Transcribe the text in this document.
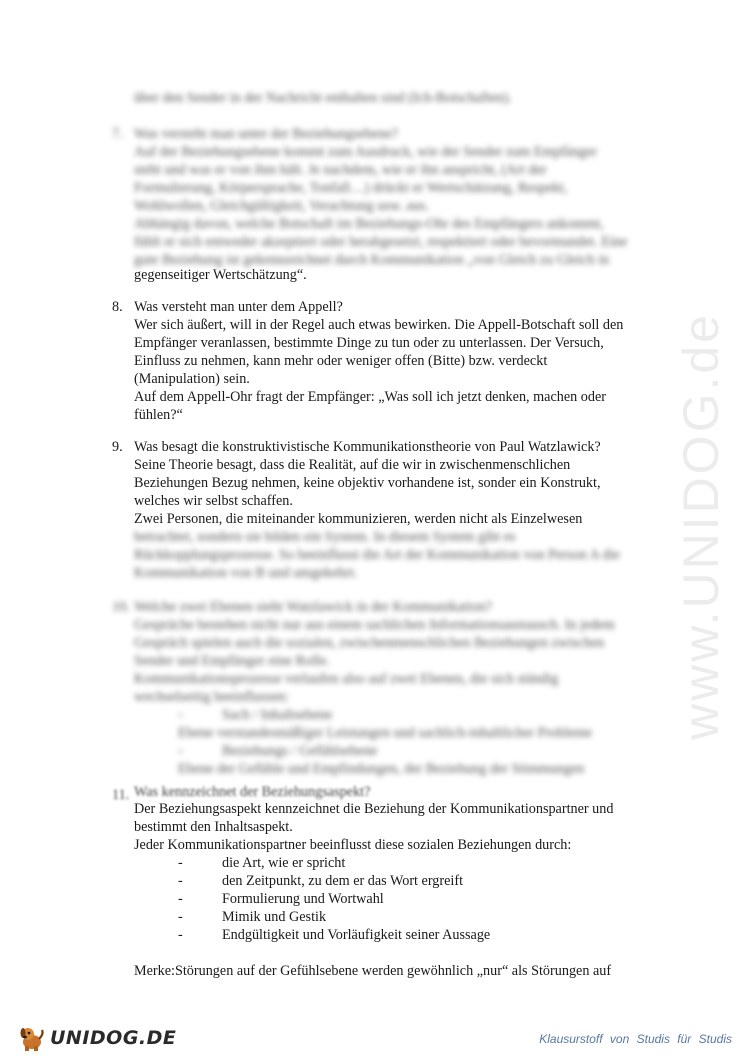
www.UNIDOG.de
über den Sender in der Nachricht enthalten sind (Ich-Botschaften).
7. Was versteht man unter der Beziehungsebene?
Auf der Beziehungsebene kommt zum Ausdruck, wie der Sender zum Empfänger
steht und was er von ihm hält. Je nachdem, wie er ihn anspricht, (Art der
Formulierung, Körpersprache, Tonfall…) drückt er Wertschätzung, Respekt,
Wohlwollen, Gleichgültigkeit, Verachtung usw. aus.
Abhängig davon, welche Botschaft im Beziehungs-Ohr des Empfängers ankommt,
fühlt er sich entweder akzeptiert oder herabgesetzt, respektiert oder bevormundet. Eine
gute Beziehung ist gekennzeichnet durch Kommunikation „von Gleich zu Gleich in
gegenseitiger Wertschätzung“.
8. Was versteht man unter dem Appell?
Wer sich äußert, will in der Regel auch etwas bewirken. Die Appell-Botschaft soll den
Empfänger veranlassen, bestimmte Dinge zu tun oder zu unterlassen. Der Versuch,
Einfluss zu nehmen, kann mehr oder weniger offen (Bitte) bzw. verdeckt
(Manipulation) sein.
Auf dem Appell-Ohr fragt der Empfänger: „Was soll ich jetzt denken, machen oder
fühlen?“
9. Was besagt die konstruktivistische Kommunikationstheorie von Paul Watzlawick?
Seine Theorie besagt, dass die Realität, auf die wir in zwischenmenschlichen
Beziehungen Bezug nehmen, keine objektiv vorhandene ist, sonder ein Konstrukt,
welches wir selbst schaffen.
Zwei Personen, die miteinander kommunizieren, werden nicht als Einzelwesen
betrachtet, sondern sie bilden ein System. In diesem System gibt es
Rückkopplungsprozesse. So beeinflusst die Art der Kommunikation von Person A die
Kommunikation von B und umgekehrt.
10. Welche zwei Ebenen sieht Watzlawick in der Kommunikation?
Gespräche bestehen nicht nur aus einem sachlichen Informationsaustausch. In jedem
Gespräch spielen auch die sozialen, zwischenmenschlichen Beziehungen zwischen
Sender und Empfänger eine Rolle.
Kommunikationsprozesse verlaufen also auf zwei Ebenen, die sich ständig
wechselseitig beeinflussen:
-	Sach / Inhaltsebene
Ebene verstandesmäßiger Leistungen und sachlich-inhaltlicher Probleme
-	Beziehungs / Gefühlsebene
Ebene der Gefühle und Empfindungen, der Beziehung der Stimmungen
11. Was kennzeichnet der Beziehungsaspekt?
Der Beziehungsaspekt kennzeichnet die Beziehung der Kommunikationspartner und
bestimmt den Inhaltsaspekt.
Jeder Kommunikationspartner beeinflusst diese sozialen Beziehungen durch:
-	die Art, wie er spricht
-	den Zeitpunkt, zu dem er das Wort ergreift
-	Formulierung und Wortwahl
-	Mimik und Gestik
-	Endgültigkeit und Vorläufigkeit seiner Aussage
Merke:Störungen auf der Gefühlsebene werden gewöhnlich „nur“ als Störungen auf
UNIDOG.DE	Klausurstoff von Studis für Studis
